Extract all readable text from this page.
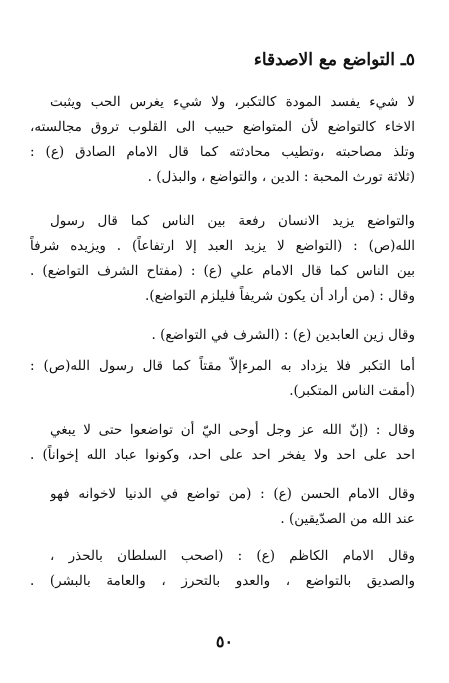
٥ـ التواضع مع الاصدقاء
لا شيء يفسد المودة كالتكبر، ولا شيء يغرس الحب ويثبت
الاخاء كالتواضع لأن المتواضع حبيب الى القلوب تروق مجالسته،
وتلذ مصاحبته ،وتطيب محادثته كما قال الامام الصادق (ع) :
(ثلاثة تورث المحبة : الدين ، والتواضع ، والبذل) .
والتواضع يزيد الانسان رفعة بين الناس كما قال رسول
الله(ص) : (التواضع لا يزيد العبد إلا ارتفاعاً) . ويزيده شرفاً
بين الناس كما قال الامام علي (ع) : (مفتاح الشرف التواضع) .
وقال : (من أراد أن يكون شريفاً فليلزم التواضع).
وقال زين العابدين (ع) : (الشرف في التواضع) .
أما التكبر فلا يزداد به المرءإلاّ مقتاً كما قال رسول الله(ص) :
(أمقت الناس المتكبر).
وقال : (إنّ الله عز وجل أوحى اليّ أن تواضعوا حتى لا يبغي
احد على احد ولا يفخر احد على احد، وكونوا عباد الله إخواناً) .
وقال الامام الحسن (ع) : (من تواضع في الدنيا لاخوانه فهو
عند الله من الصدّيقين) .
وقال الامام الكاظم (ع) : (اصحب السلطان بالحذر ،
والصديق بالتواضع ، والعدو بالتحرز ، والعامة بالبشر) .
٥٠
